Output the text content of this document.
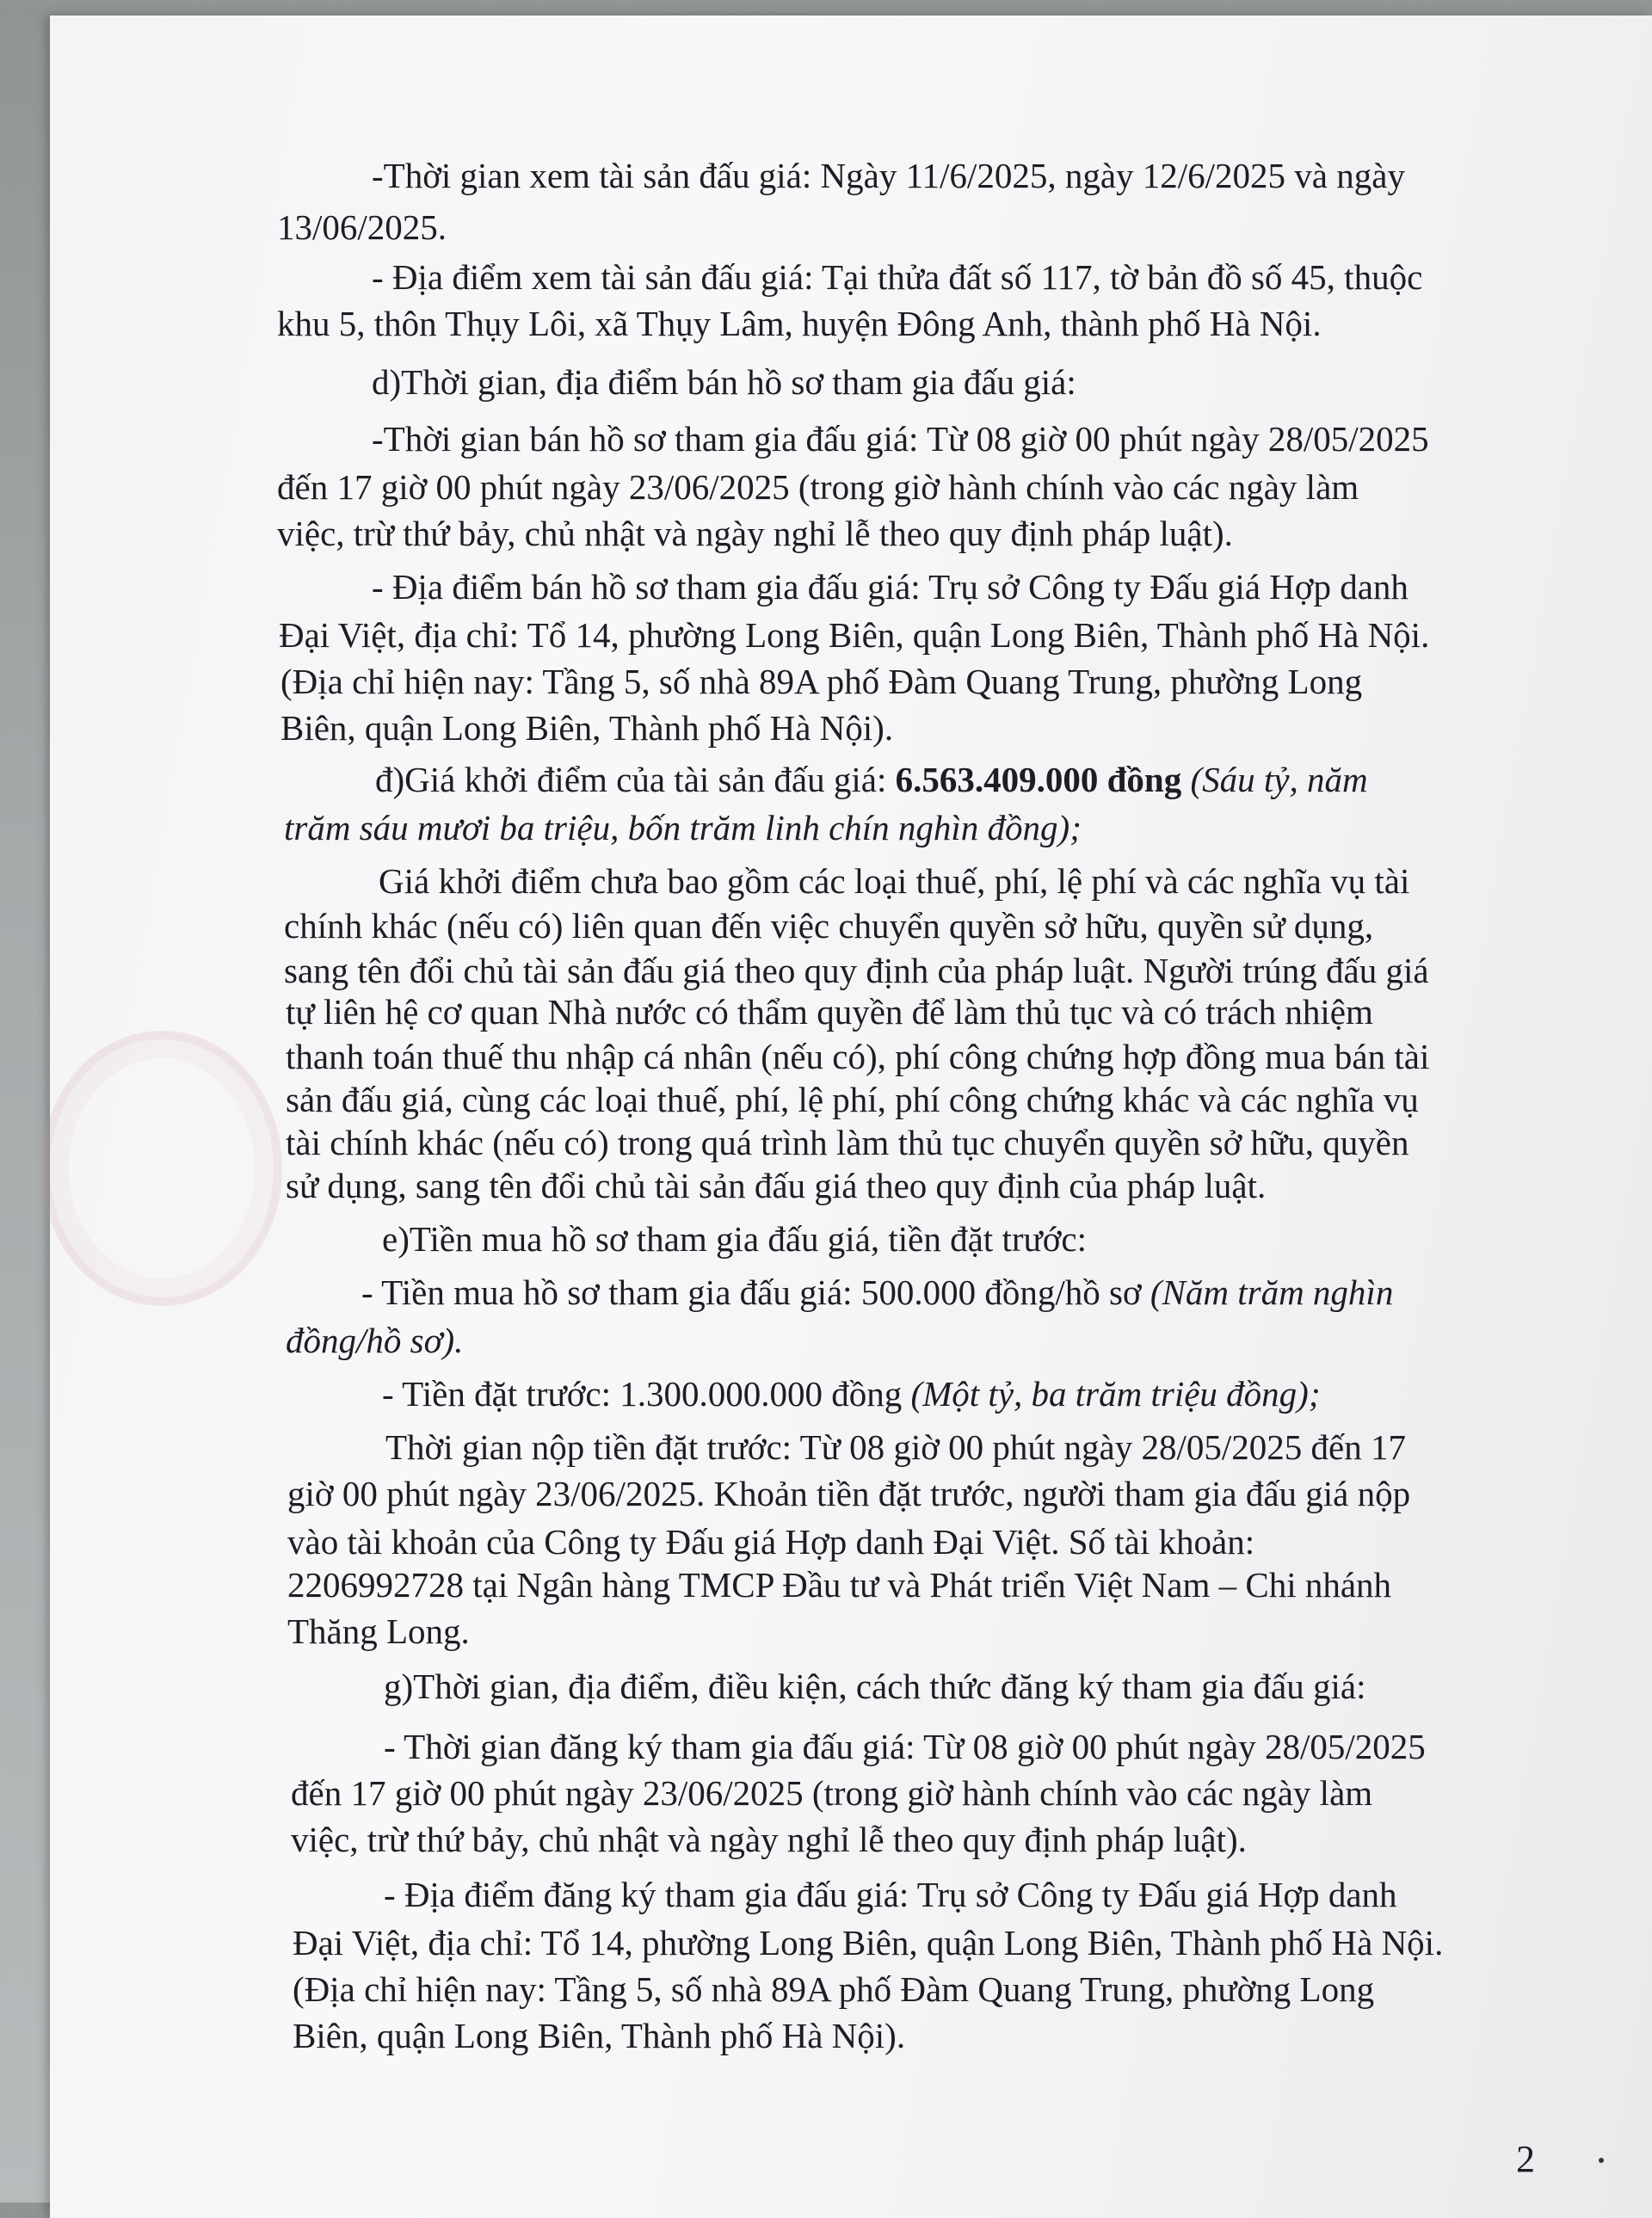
-Thời gian xem tài sản đấu giá: Ngày 11/6/2025, ngày 12/6/2025 và ngày
13/06/2025.
- Địa điểm xem tài sản đấu giá: Tại thửa đất số 117, tờ bản đồ số 45, thuộc
khu 5, thôn Thụy Lôi, xã Thụy Lâm, huyện Đông Anh, thành phố Hà Nội.
d)Thời gian, địa điểm bán hồ sơ tham gia đấu giá:
-Thời gian bán hồ sơ tham gia đấu giá: Từ 08 giờ 00 phút ngày 28/05/2025
đến 17 giờ 00 phút ngày 23/06/2025 (trong giờ hành chính vào các ngày làm
việc, trừ thứ bảy, chủ nhật và ngày nghỉ lễ theo quy định pháp luật).
- Địa điểm bán hồ sơ tham gia đấu giá: Trụ sở Công ty Đấu giá Hợp danh
Đại Việt, địa chỉ: Tổ 14, phường Long Biên, quận Long Biên, Thành phố Hà Nội.
(Địa chỉ hiện nay: Tầng 5, số nhà 89A phố Đàm Quang Trung, phường Long
Biên, quận Long Biên, Thành phố Hà Nội).
đ)Giá khởi điểm của tài sản đấu giá: 6.563.409.000 đồng (Sáu tỷ, năm
trăm sáu mươi ba triệu, bốn trăm linh chín nghìn đồng);
Giá khởi điểm chưa bao gồm các loại thuế, phí, lệ phí và các nghĩa vụ tài
chính khác (nếu có) liên quan đến việc chuyển quyền sở hữu, quyền sử dụng,
sang tên đổi chủ tài sản đấu giá theo quy định của pháp luật. Người trúng đấu giá
tự liên hệ cơ quan Nhà nước có thẩm quyền để làm thủ tục và có trách nhiệm
thanh toán thuế thu nhập cá nhân (nếu có), phí công chứng hợp đồng mua bán tài
sản đấu giá, cùng các loại thuế, phí, lệ phí, phí công chứng khác và các nghĩa vụ
tài chính khác (nếu có) trong quá trình làm thủ tục chuyển quyền sở hữu, quyền
sử dụng, sang tên đổi chủ tài sản đấu giá theo quy định của pháp luật.
e)Tiền mua hồ sơ tham gia đấu giá, tiền đặt trước:
- Tiền mua hồ sơ tham gia đấu giá: 500.000 đồng/hồ sơ (Năm trăm nghìn
đồng/hồ sơ).
- Tiền đặt trước: 1.300.000.000 đồng (Một tỷ, ba trăm triệu đồng);
Thời gian nộp tiền đặt trước: Từ 08 giờ 00 phút ngày 28/05/2025 đến 17
giờ 00 phút ngày 23/06/2025. Khoản tiền đặt trước, người tham gia đấu giá nộp
vào tài khoản của Công ty Đấu giá Hợp danh Đại Việt. Số tài khoản:
2206992728 tại Ngân hàng TMCP Đầu tư và Phát triển Việt Nam – Chi nhánh
Thăng Long.
g)Thời gian, địa điểm, điều kiện, cách thức đăng ký tham gia đấu giá:
- Thời gian đăng ký tham gia đấu giá: Từ 08 giờ 00 phút ngày 28/05/2025
đến 17 giờ 00 phút ngày 23/06/2025 (trong giờ hành chính vào các ngày làm
việc, trừ thứ bảy, chủ nhật và ngày nghỉ lễ theo quy định pháp luật).
- Địa điểm đăng ký tham gia đấu giá: Trụ sở Công ty Đấu giá Hợp danh
Đại Việt, địa chỉ: Tổ 14, phường Long Biên, quận Long Biên, Thành phố Hà Nội.
(Địa chỉ hiện nay: Tầng 5, số nhà 89A phố Đàm Quang Trung, phường Long
Biên, quận Long Biên, Thành phố Hà Nội).
2
